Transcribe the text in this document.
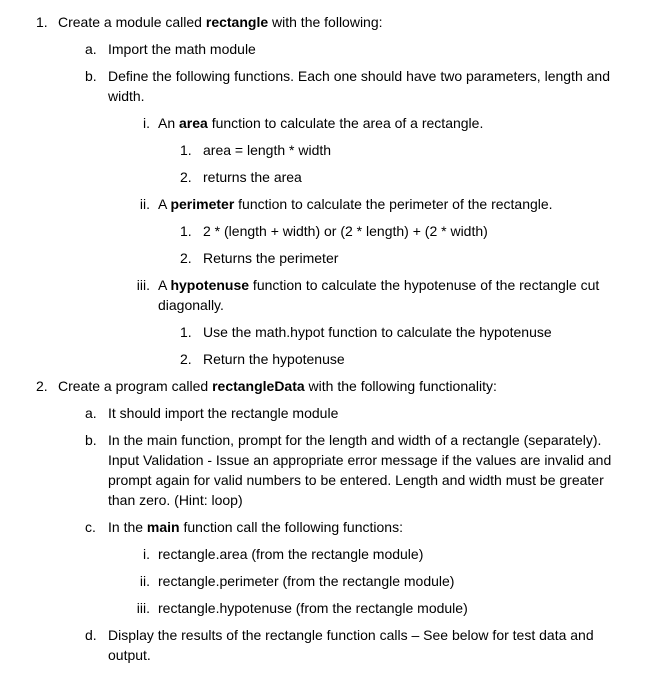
1. Create a module called rectangle with the following:
a. Import the math module
b. Define the following functions. Each one should have two parameters, length and width.
i. An area function to calculate the area of a rectangle.
1. area = length * width
2. returns the area
ii. A perimeter function to calculate the perimeter of the rectangle.
1. 2 * (length + width) or (2 * length) + (2 * width)
2. Returns the perimeter
iii. A hypotenuse function to calculate the hypotenuse of the rectangle cut diagonally.
1. Use the math.hypot function to calculate the hypotenuse
2. Return the hypotenuse
2. Create a program called rectangleData with the following functionality:
a. It should import the rectangle module
b. In the main function, prompt for the length and width of a rectangle (separately). Input Validation - Issue an appropriate error message if the values are invalid and prompt again for valid numbers to be entered. Length and width must be greater than zero. (Hint: loop)
c. In the main function call the following functions:
i. rectangle.area (from the rectangle module)
ii. rectangle.perimeter (from the rectangle module)
iii. rectangle.hypotenuse (from the rectangle module)
d. Display the results of the rectangle function calls – See below for test data and output.
